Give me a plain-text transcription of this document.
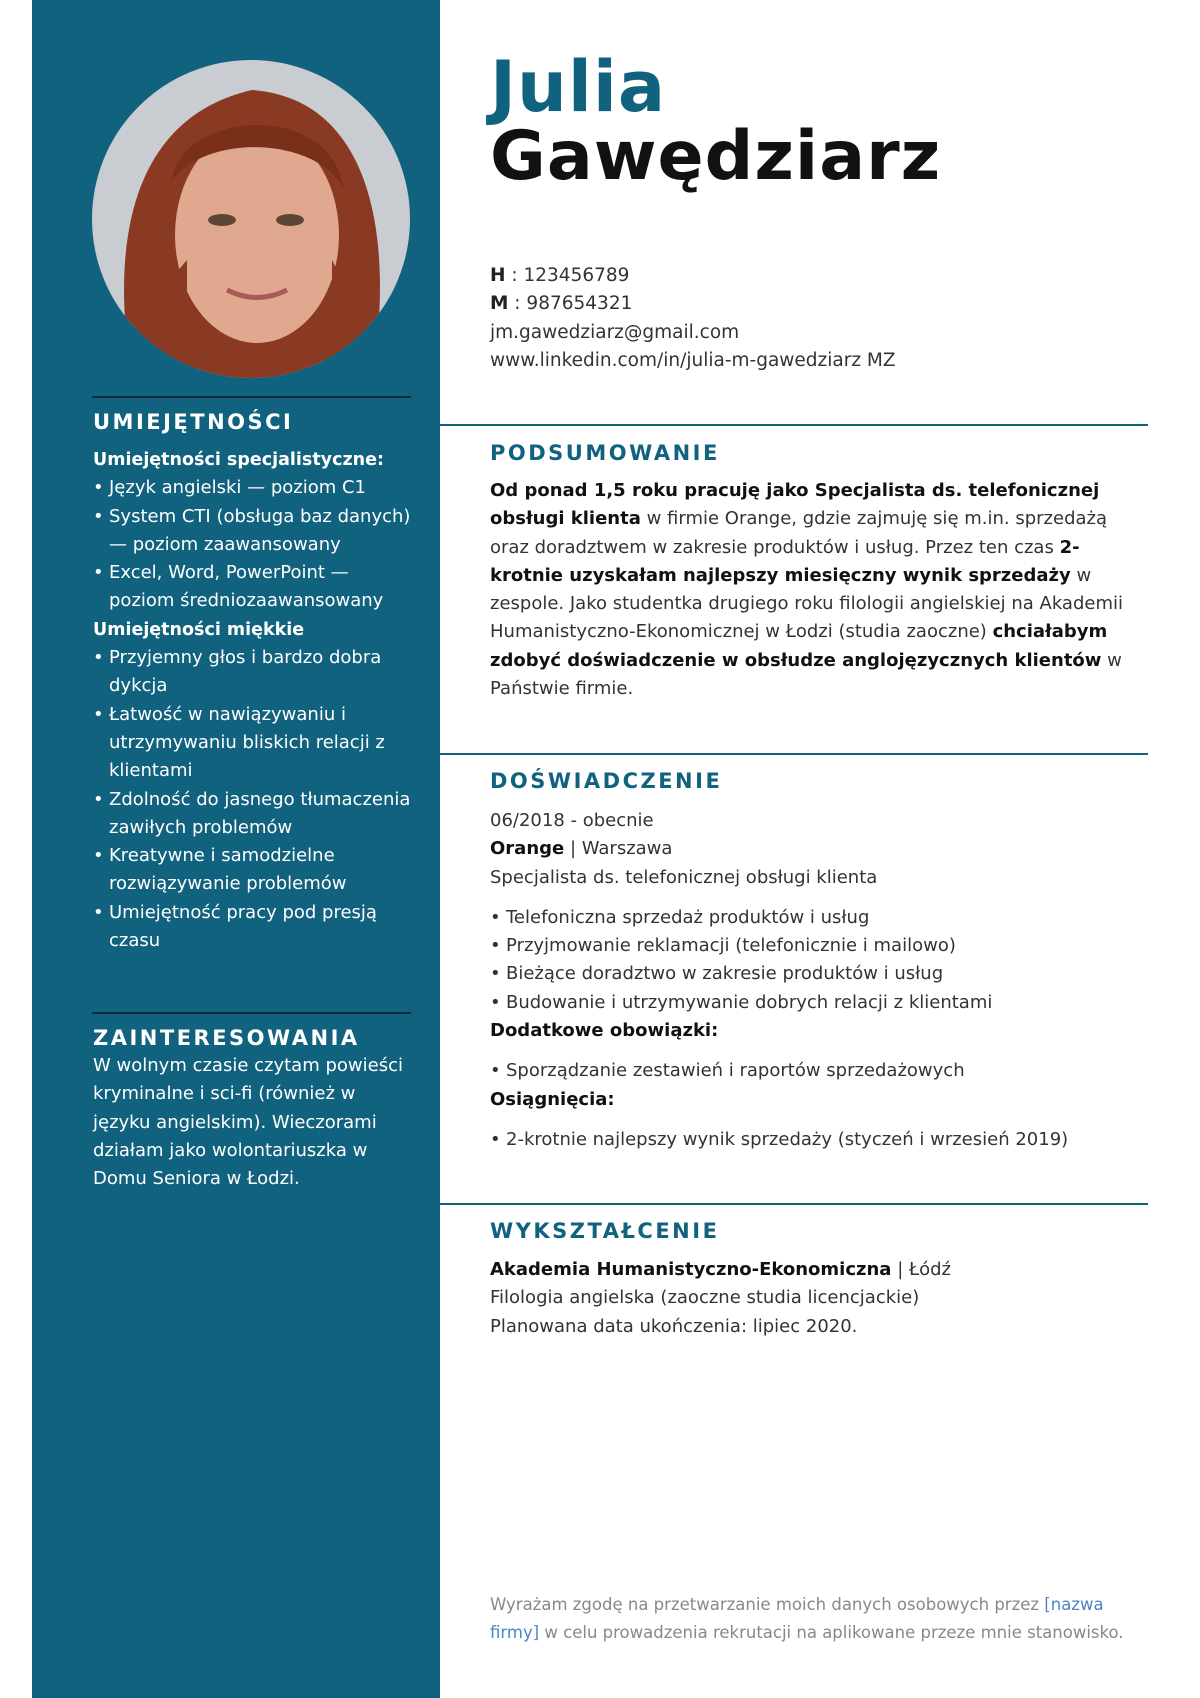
UMIEJĘTNOŚCI
Umiejętności specjalistyczne:
• Język angielski — poziom C1
• System CTI (obsługa baz danych) — poziom zaawansowany
• Excel, Word, PowerPoint — poziom średniozaawansowany
Umiejętności miękkie
• Przyjemny głos i bardzo dobra dykcja
• Łatwość w nawiązywaniu i utrzymywaniu bliskich relacji z klientami
• Zdolność do jasnego tłumaczenia zawiłych problemów
• Kreatywne i samodzielne rozwiązywanie problemów
• Umiejętność pracy pod presją czasu
ZAINTERESOWANIA
W wolnym czasie czytam powieści kryminalne i sci-fi (również w języku angielskim). Wieczorami działam jako wolontariuszka w Domu Seniora w Łodzi.
Julia
Gawędziarz
H : 123456789
M : 987654321
jm.gawedziarz@gmail.com
www.linkedin.com/in/julia-m-gawedziarz MZ
PODSUMOWANIE
Od ponad 1,5 roku pracuję jako Specjalista ds. telefonicznej obsługi klienta w firmie Orange, gdzie zajmuję się m.in. sprzedażą oraz doradztwem w zakresie produktów i usług. Przez ten czas 2-krotnie uzyskałam najlepszy miesięczny wynik sprzedaży w zespole. Jako studentka drugiego roku filologii angielskiej na Akademii Humanistyczno-Ekonomicznej w Łodzi (studia zaoczne) chciałabym zdobyć doświadczenie w obsłudze anglojęzycznych klientów w Państwie firmie.
DOŚWIADCZENIE
06/2018 - obecnie
Orange | Warszawa
Specjalista ds. telefonicznej obsługi klienta
• Telefoniczna sprzedaż produktów i usług
• Przyjmowanie reklamacji (telefonicznie i mailowo)
• Bieżące doradztwo w zakresie produktów i usług
• Budowanie i utrzymywanie dobrych relacji z klientami
Dodatkowe obowiązki:
• Sporządzanie zestawień i raportów sprzedażowych
Osiągnięcia:
• 2-krotnie najlepszy wynik sprzedaży (styczeń i wrzesień 2019)
WYKSZTAŁCENIE
Akademia Humanistyczno-Ekonomiczna | Łódź
Filologia angielska (zaoczne studia licencjackie)
Planowana data ukończenia: lipiec 2020.
Wyrażam zgodę na przetwarzanie moich danych osobowych przez [nazwa firmy] w celu prowadzenia rekrutacji na aplikowane przeze mnie stanowisko.
